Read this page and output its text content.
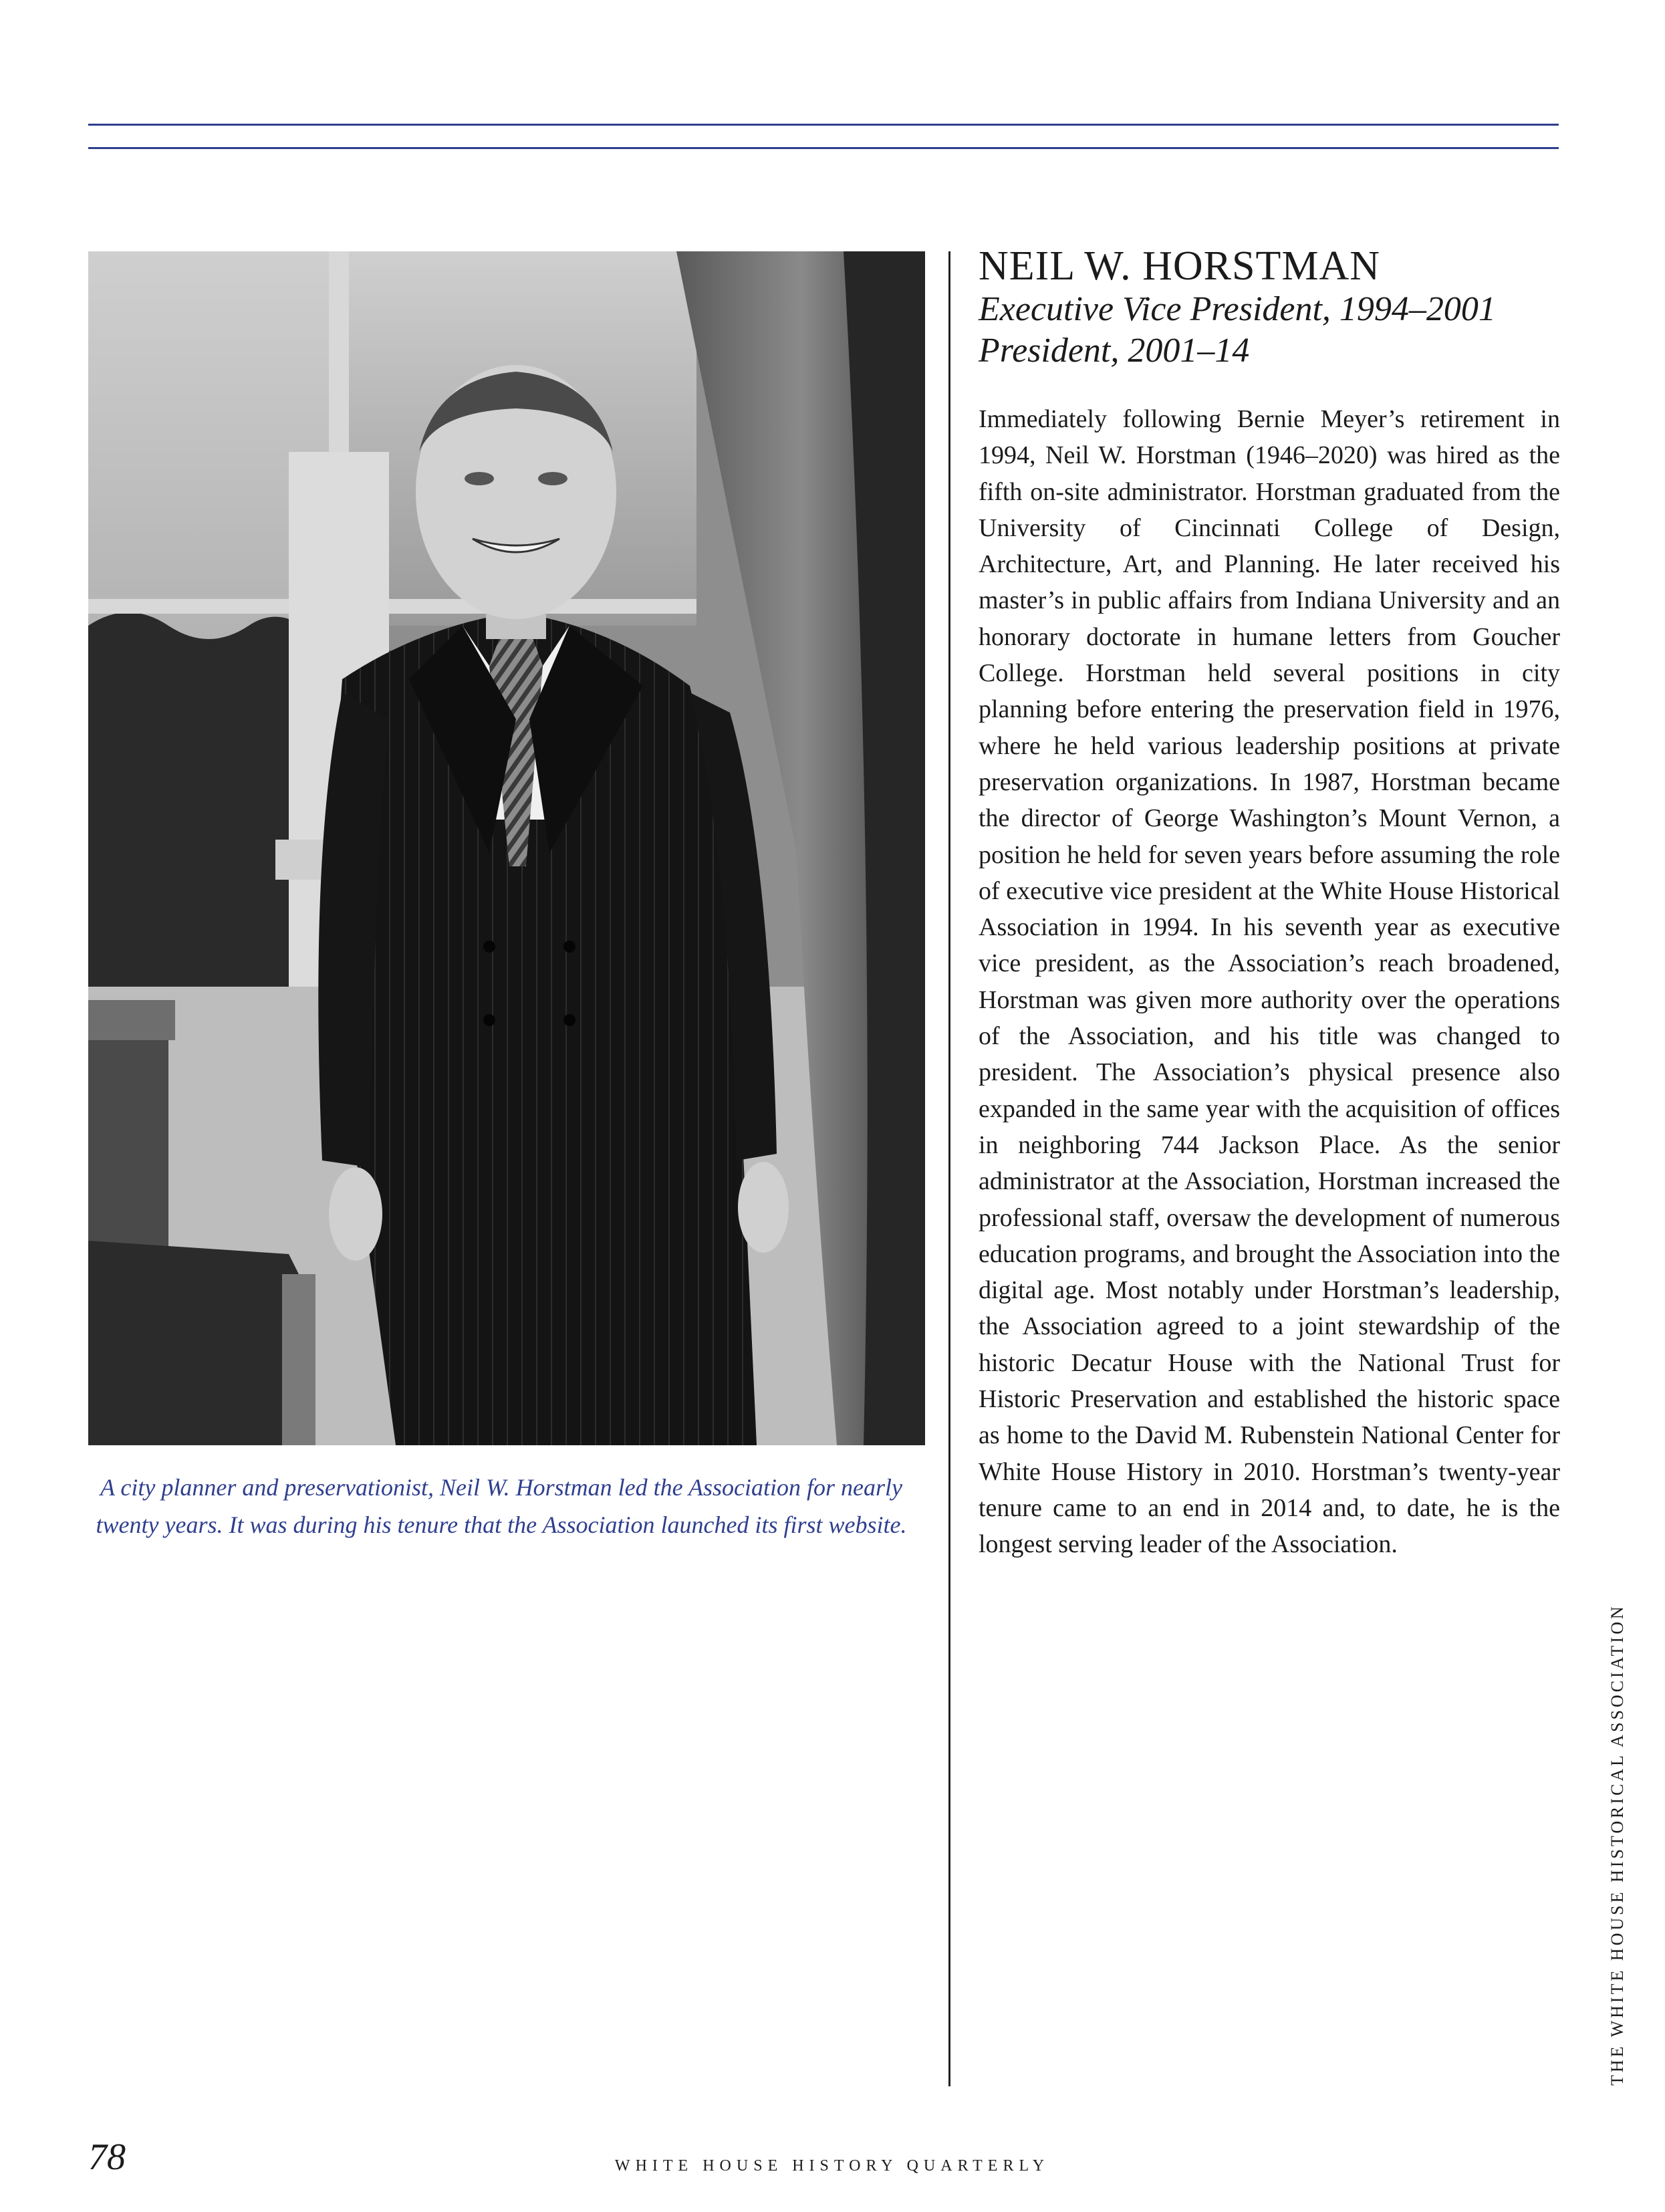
A city planner and preservationist, Neil W. Horstman led the Association for nearly twenty years. It was during his tenure that the Association launched its first website.

NEIL W. HORSTMAN

Executive Vice President, 1994–2001

President, 2001–14

Immediately following Bernie Meyer’s retirement in 1994, Neil W. Horstman (1946–2020) was hired as the fifth on-site administrator. Horstman graduated from the University of Cincinnati College of Design, Architecture, Art, and Planning. He later received his master’s in public affairs from Indiana University and an honorary doctorate in humane letters from Goucher College. Horstman held several positions in city planning before entering the preservation field in 1976, where he held various leadership positions at private preservation organizations. In 1987, Horstman became the director of George Washington’s Mount Vernon, a position he held for seven years before assuming the role of executive vice president at the White House Historical Association in 1994. In his seventh year as executive vice president, as the Association’s reach broadened, Horstman was given more authority over the operations of the Association, and his title was changed to president. The Association’s physical presence also expanded in the same year with the acquisition of offices in neighboring 744 Jackson Place. As the senior administrator at the Association, Horstman increased the professional staff, oversaw the development of numerous education programs, and brought the Association into the digital age. Most notably under Horstman’s leadership, the Association agreed to a joint stewardship of the historic Decatur House with the National Trust for Historic Preservation and established the historic space as home to the David M. Rubenstein National Center for White House History in 2010. Horstman’s twenty-year tenure came to an end in 2014 and, to date, he is the longest serving leader of the Association.

THE WHITE HOUSE HISTORICAL ASSOCIATION
78	WHITE HOUSE HISTORY QUARTERLY
